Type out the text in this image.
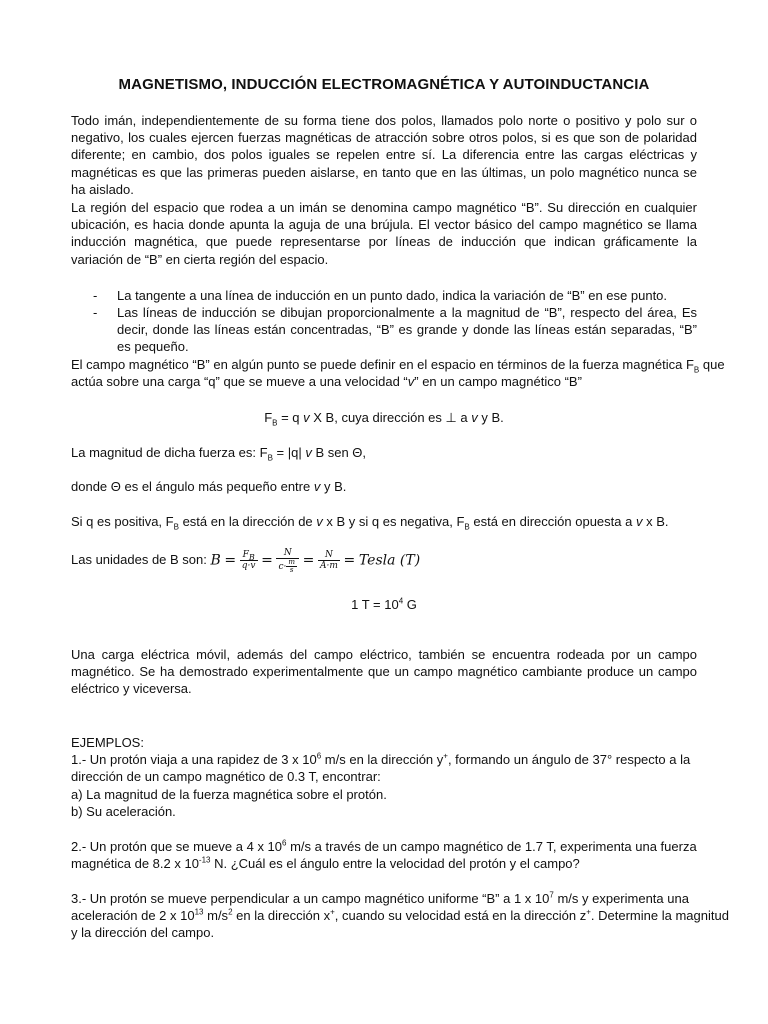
MAGNETISMO, INDUCCIÓN ELECTROMAGNÉTICA Y AUTOINDUCTANCIA
Todo imán, independientemente de su forma tiene dos polos, llamados polo norte o positivo y polo sur o negativo, los cuales ejercen fuerzas magnéticas de atracción sobre otros polos, si es que son de polaridad diferente; en cambio, dos polos iguales se repelen entre sí. La diferencia entre las cargas eléctricas y magnéticas es que las primeras pueden aislarse, en tanto que en las últimas, un polo magnético nunca se ha aislado.
La región del espacio que rodea a un imán se denomina campo magnético “B”. Su dirección en cualquier ubicación, es hacia donde apunta la aguja de una brújula. El vector básico del campo magnético se llama inducción magnética, que puede representarse por líneas de inducción que indican gráficamente la variación de “B” en cierta región del espacio.
- La tangente a una línea de inducción en un punto dado, indica la variación de “B” en ese punto.
- Las líneas de inducción se dibujan proporcionalmente a la magnitud de “B”, respecto del área, Es decir, donde las líneas están concentradas, “B” es grande y donde las líneas están separadas, “B” es pequeño.
El campo magnético “B” en algún punto se puede definir en el espacio en términos de la fuerza magnética $F_B$ que
actúa sobre una carga “q” que se mueve a una velocidad “v” en un campo magnético “B”
$F_B = q$ v X B, cuya dirección es ⊥ a v y B.
La magnitud de dicha fuerza es: $F_B = |q|$ v B sen Θ,
donde Θ es el ángulo más pequeño entre v y B.
Si q es positiva, $F_B$ está en la dirección de v x B y si q es negativa, $F_B$ está en dirección opuesta a v x B.
Las unidades de B son: $B = \frac{F_B}{q\cdot v} = \frac{N}{c\cdot \frac{m}{s}} = \frac{N}{A\cdot m}$ = Tesla (T)
1 $T = 10^4$ G
Una carga eléctrica móvil, además del campo eléctrico, también se encuentra rodeada por un campo magnético. Se ha demostrado experimentalmente que un campo magnético cambiante produce un campo eléctrico y viceversa.
EJEMPLOS:
1.- Un protón viaja a una rapidez de 3 x $10^6$ m/s en la dirección y+, formando un ángulo de 37° respecto a la
dirección de un campo magnético de 0.3 T, encontrar:
a) La magnitud de la fuerza magnética sobre el protón.
b) Su aceleración.
2.- Un protón que se mueve a 4 x $10^6$ m/s a través de un campo magnético de 1.7 T, experimenta una fuerza
magnética de 8.2 x $10^{-13}$ N. ¿Cuál es el ángulo entre la velocidad del protón y el campo?
3.- Un protón se mueve perpendicular a un campo magnético uniforme “B” a 1 x $10^7$ m/s y experimenta una
aceleración de 2 x $10^{13}$ $m/s^2$ en la dirección x+, cuando su velocidad está en la dirección z+. Determine la magnitud
y la dirección del campo.
